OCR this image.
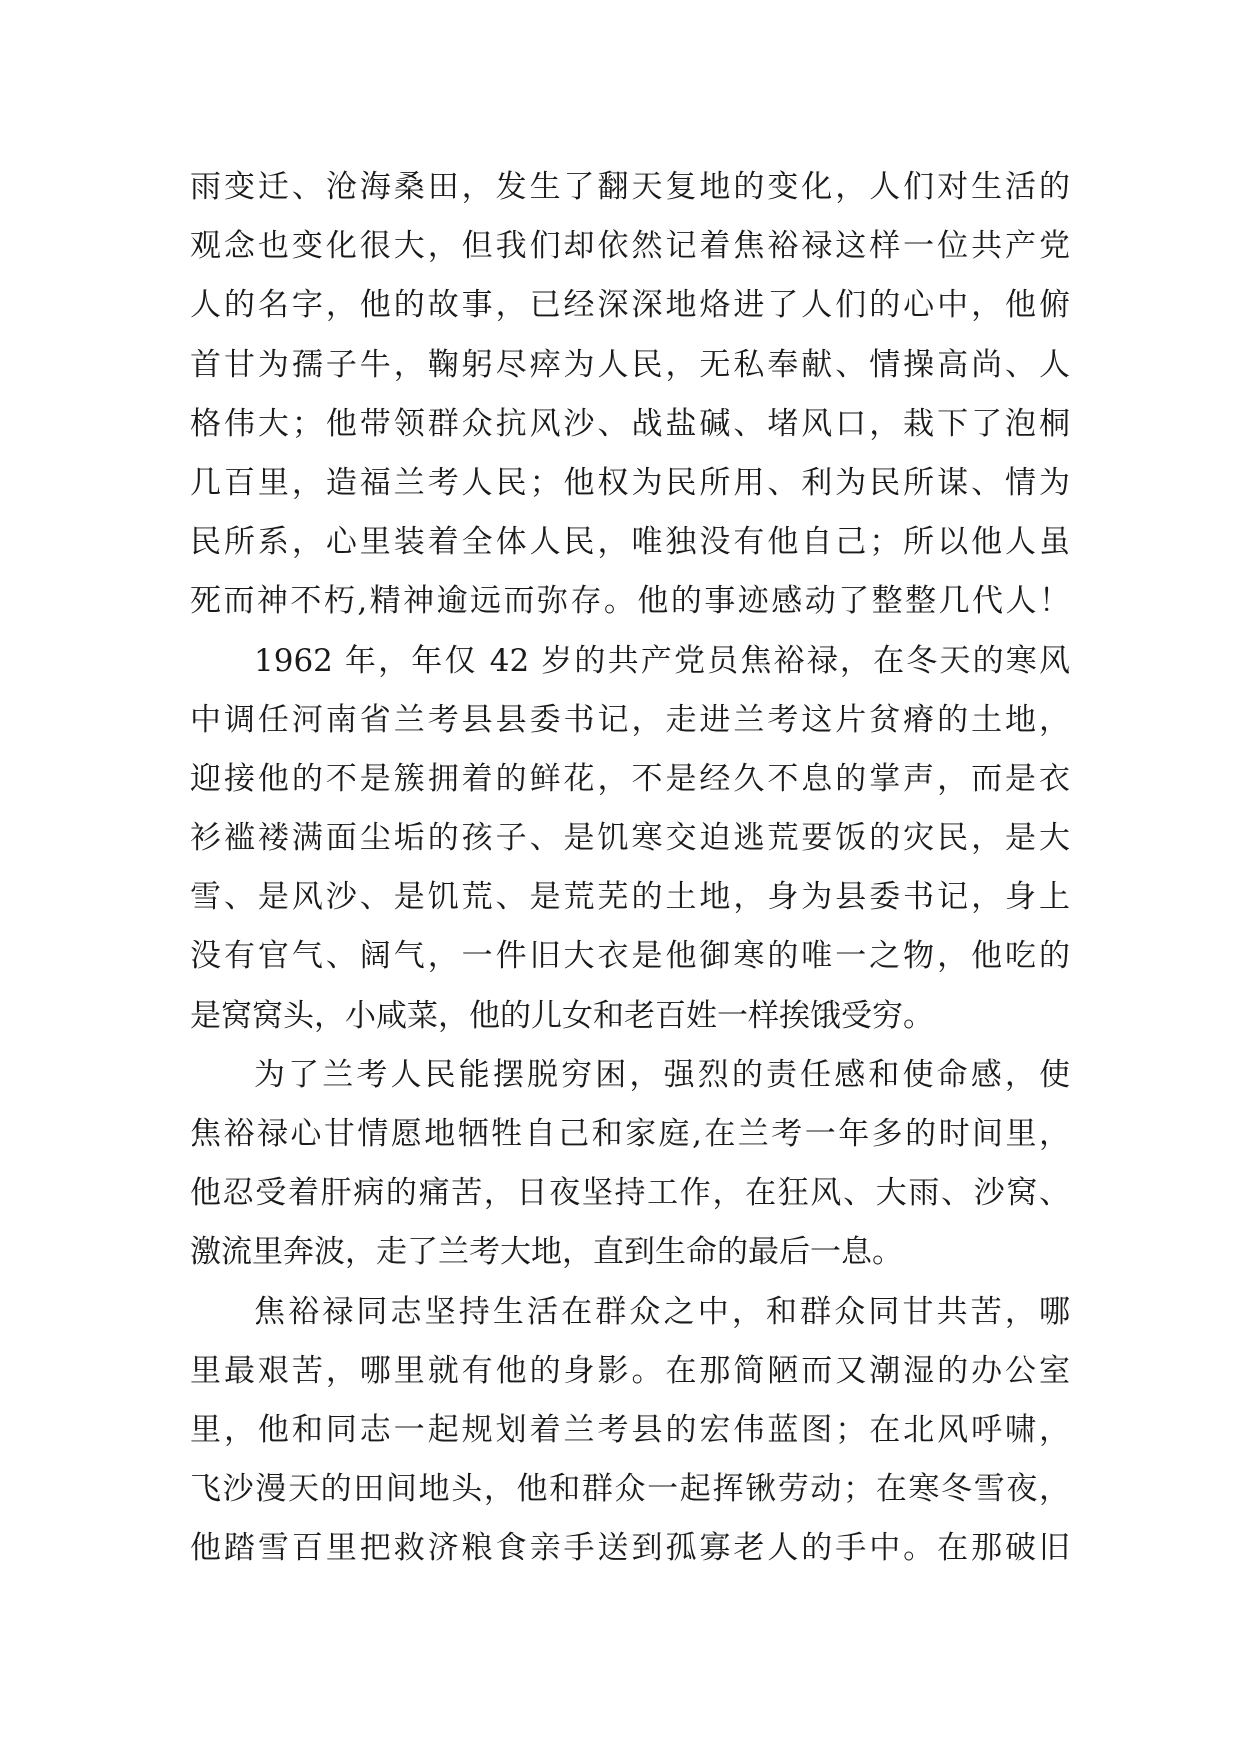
雨变迁、沧海桑田，发生了翻天复地的变化，人们对生活的
观念也变化很大，但我们却依然记着焦裕禄这样一位共产党
人的名字，他的故事，已经深深地烙进了人们的心中，他俯
首甘为孺子牛，鞠躬尽瘁为人民，无私奉献、情操高尚、人
格伟大；他带领群众抗风沙、战盐碱、堵风口，栽下了泡桐
几百里，造福兰考人民；他权为民所用、利为民所谋、情为
民所系，心里装着全体人民，唯独没有他自己；所以他人虽
死而神不朽,精神逾远而弥存。他的事迹感动了整整几代人！
1962 年，年仅 42 岁的共产党员焦裕禄，在冬天的寒风
中调任河南省兰考县县委书记，走进兰考这片贫瘠的土地，
迎接他的不是簇拥着的鲜花，不是经久不息的掌声，而是衣
衫褴褛满面尘垢的孩子、是饥寒交迫逃荒要饭的灾民，是大
雪、是风沙、是饥荒、是荒芜的土地，身为县委书记，身上
没有官气、阔气，一件旧大衣是他御寒的唯一之物，他吃的
是窝窝头，小咸菜，他的儿女和老百姓一样挨饿受穷。
为了兰考人民能摆脱穷困，强烈的责任感和使命感，使
焦裕禄心甘情愿地牺牲自己和家庭,在兰考一年多的时间里，
他忍受着肝病的痛苦，日夜坚持工作，在狂风、大雨、沙窝、
激流里奔波，走了兰考大地，直到生命的最后一息。
焦裕禄同志坚持生活在群众之中，和群众同甘共苦，哪
里最艰苦，哪里就有他的身影。在那简陋而又潮湿的办公室
里，他和同志一起规划着兰考县的宏伟蓝图；在北风呼啸，
飞沙漫天的田间地头，他和群众一起挥锹劳动；在寒冬雪夜，
他踏雪百里把救济粮食亲手送到孤寡老人的手中。在那破旧
